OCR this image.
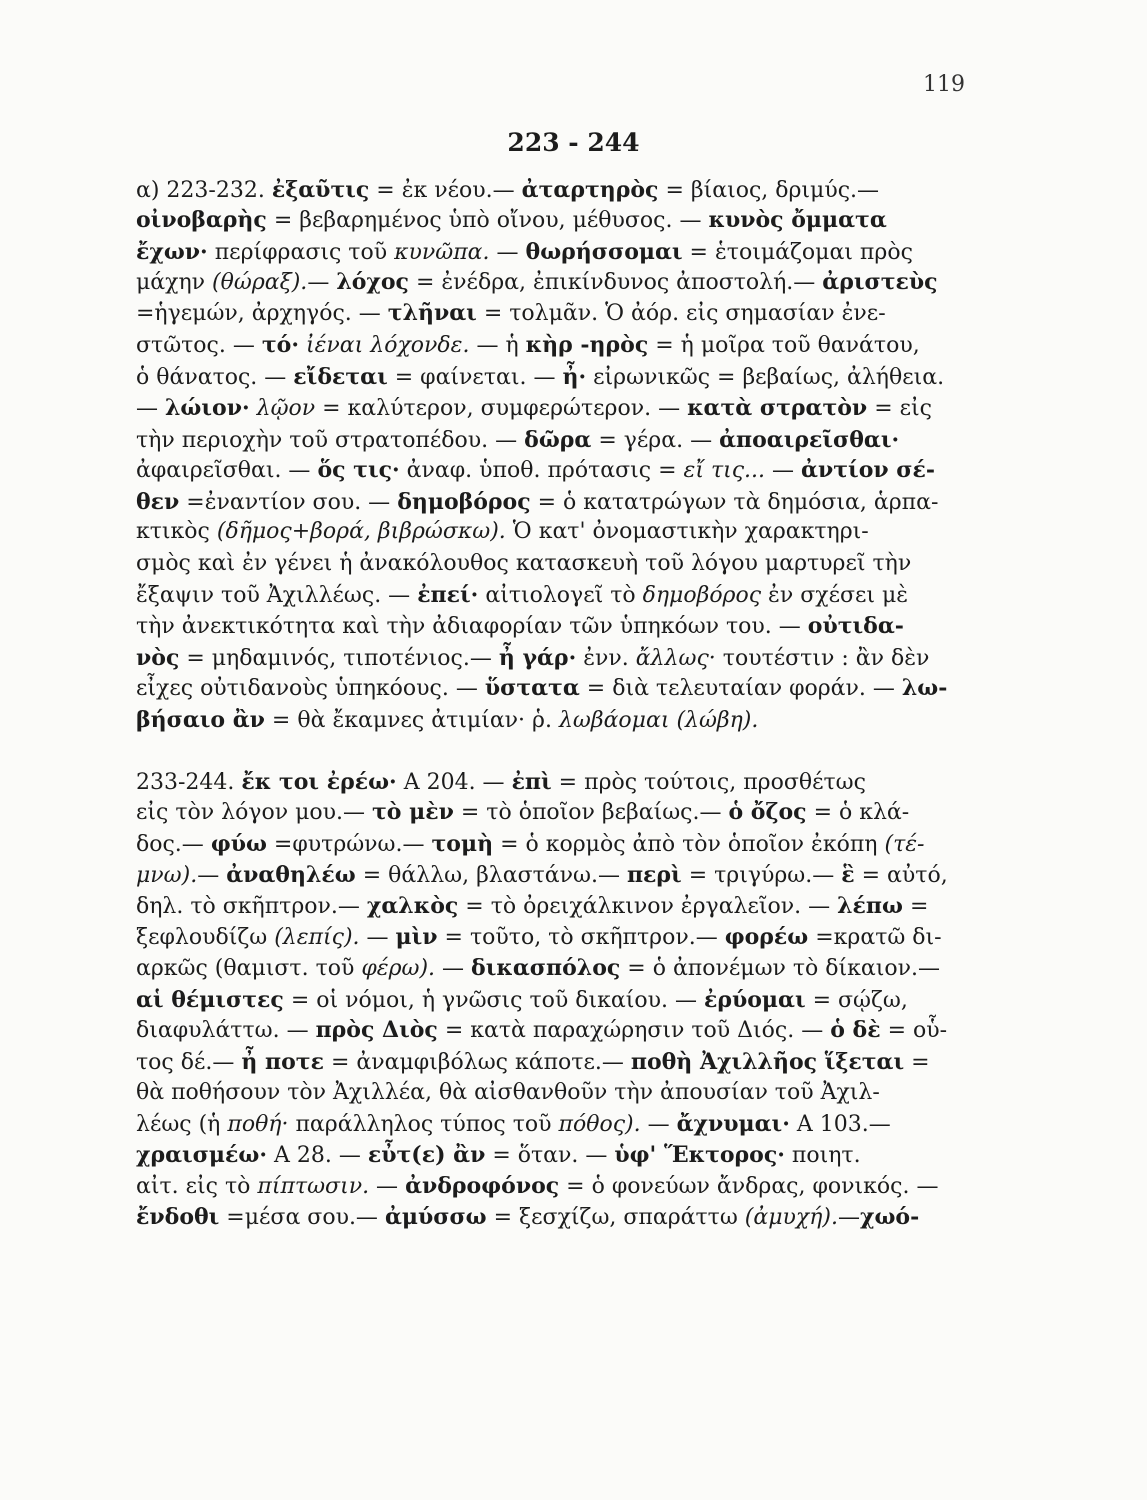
119
223 - 244
α) 223-232. ἐξαῦτις = ἐκ νέου.— ἀταρτηρὸς = βίαιος, δριμύς.—
οἰνοβαρὴς = βεβαρημένος ὑπὸ οἴνου, μέθυσος. — κυνὸς ὄμματα
ἔχων· περίφρασις τοῦ κυνῶπα. — θωρήσσομαι = ἑτοιμάζομαι πρὸς
μάχην (θώραξ).— λόχος = ἐνέδρα, ἐπικίνδυνος ἀποστολή.— ἀριστεὺς
=ἡγεμών, ἀρχηγός. — τλῆναι = τολμᾶν. Ὁ ἀόρ. εἰς σημασίαν ἐνε-
στῶτος. — τό· ἰέναι λόχονδε. — ἡ κὴρ -ηρὸς = ἡ μοῖρα τοῦ θανάτου,
ὁ θάνατος. — εἴδεται = φαίνεται. — ἦ· εἰρωνικῶς = βεβαίως, ἀλήθεια.
— λώιον· λῷον = καλύτερον, συμφερώτερον. — κατὰ στρατὸν = εἰς
τὴν περιοχὴν τοῦ στρατοπέδου. — δῶρα = γέρα. — ἀποαιρεῖσθαι·
ἀφαιρεῖσθαι. — ὅς τις· ἀναφ. ὑποθ. πρότασις = εἴ τις... — ἀντίον σέ-
θεν =ἐναντίον σου. — δημοβόρος = ὁ κατατρώγων τὰ δημόσια, ἁρπα-
κτικὸς (δῆμος+βορά, βιβρώσκω). Ὁ κατ' ὀνομαστικὴν χαρακτηρι-
σμὸς καὶ ἐν γένει ἡ ἀνακόλουθος κατασκευὴ τοῦ λόγου μαρτυρεῖ τὴν
ἔξαψιν τοῦ Ἀχιλλέως. — ἐπεί· αἰτιολογεῖ τὸ δημοβόρος ἐν σχέσει μὲ
τὴν ἀνεκτικότητα καὶ τὴν ἀδιαφορίαν τῶν ὑπηκόων του. — οὐτιδα-
νὸς = μηδαμινός, τιποτένιος.— ἦ γάρ· ἐνν. ἄλλως· τουτέστιν : ἂν δὲν
εἶχες οὐτιδανοὺς ὑπηκόους. — ὕστατα = διὰ τελευταίαν φοράν. — λω-
βήσαιο ἂν = θὰ ἔκαμνες ἀτιμίαν· ῥ. λωβάομαι (λώβη).
233-244. ἔκ τοι ἐρέω· Α 204. — ἐπὶ = πρὸς τούτοις, προσθέτως
εἰς τὸν λόγον μου.— τὸ μὲν = τὸ ὁποῖον βεβαίως.— ὁ ὄζος = ὁ κλά-
δος.— φύω =φυτρώνω.— τομὴ = ὁ κορμὸς ἀπὸ τὸν ὁποῖον ἐκόπη (τέ-
μνω).— ἀναθηλέω = θάλλω, βλαστάνω.— περὶ = τριγύρω.— ἓ = αὐτό,
δηλ. τὸ σκῆπτρον.— χαλκὸς = τὸ ὀρειχάλκινον ἐργαλεῖον. — λέπω =
ξεφλουδίζω (λεπίς). — μὶν = τοῦτο, τὸ σκῆπτρον.— φορέω =κρατῶ δι-
αρκῶς (θαμιστ. τοῦ φέρω). — δικασπόλος = ὁ ἀπονέμων τὸ δίκαιον.—
αἱ θέμιστες = οἱ νόμοι, ἡ γνῶσις τοῦ δικαίου. — ἐρύομαι = σῴζω,
διαφυλάττω. — πρὸς Διὸς = κατὰ παραχώρησιν τοῦ Διός. — ὁ δὲ = οὗ-
τος δέ.— ἦ ποτε = ἀναμφιβόλως κάποτε.— ποθὴ Ἀχιλλῆος ἵξεται =
θὰ ποθήσουν τὸν Ἀχιλλέα, θὰ αἰσθανθοῦν τὴν ἀπουσίαν τοῦ Ἀχιλ-
λέως (ἡ ποθή· παράλληλος τύπος τοῦ πόθος). — ἄχνυμαι· Α 103.—
χραισμέω· Α 28. — εὖτ(ε) ἂν = ὅταν. — ὑφ' Ἕκτορος· ποιητ.
αἰτ. εἰς τὸ πίπτωσιν. — ἀνδροφόνος = ὁ φονεύων ἄνδρας, φονικός. —
ἔνδοθι =μέσα σου.— ἀμύσσω = ξεσχίζω, σπαράττω (ἀμυχή).—χωό-
